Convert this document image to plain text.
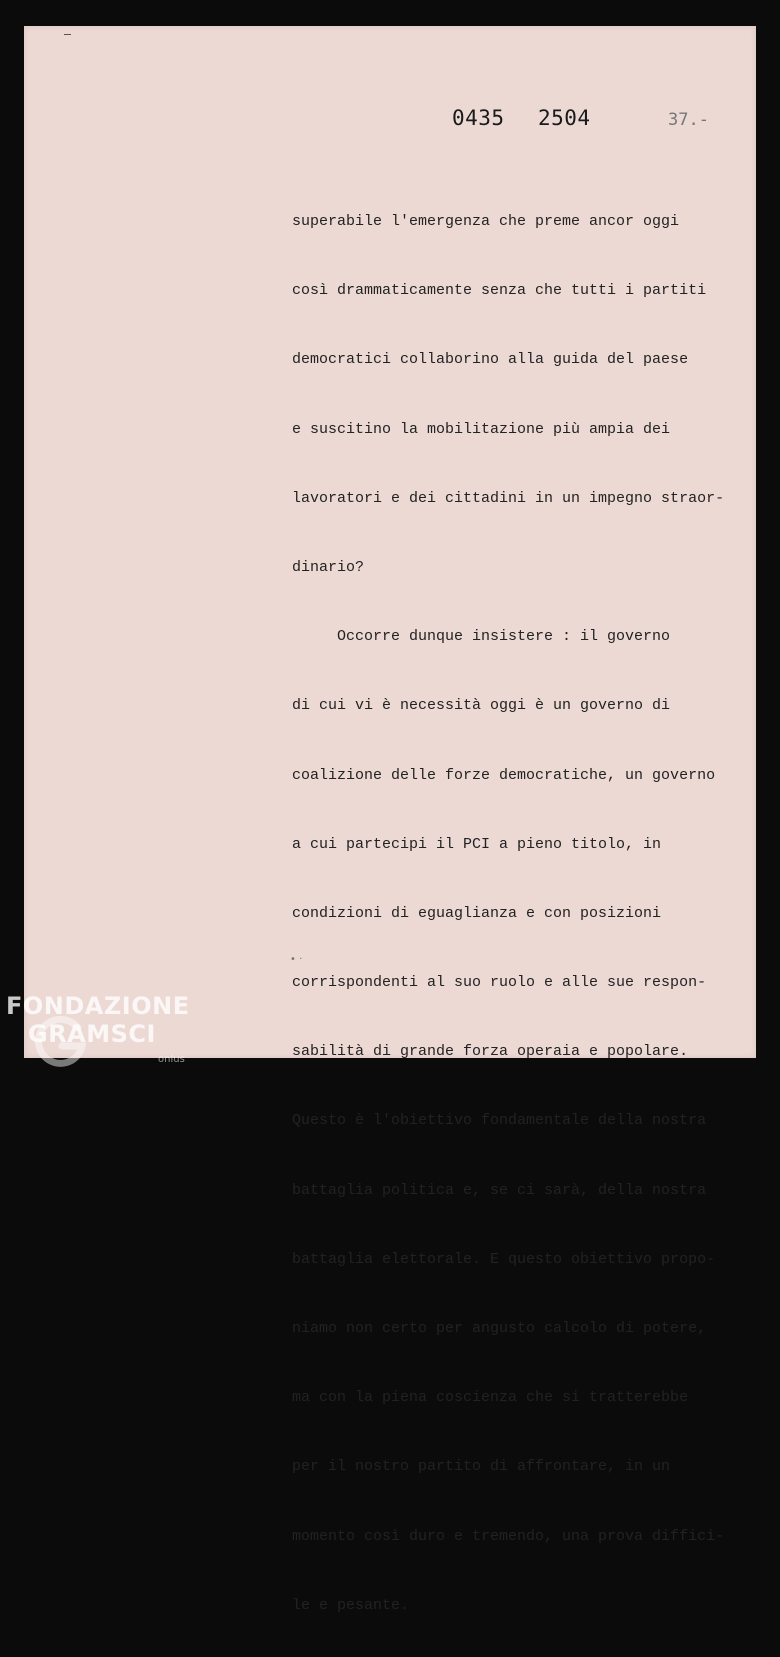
0435 2504	37.-

superabile l'emergenza che preme ancor oggi

così drammaticamente senza che tutti i partiti

democratici collaborino alla guida del paese

e suscitino la mobilitazione più ampia dei

lavoratori e dei cittadini in un impegno straor-

dinario?

Occorre dunque insistere : il governo

di cui vi è necessità oggi è un governo di

coalizione delle forze democratiche, un governo

a cui partecipi il PCI a pieno titolo, in

condizioni di eguaglianza e con posizioni

corrispondenti al suo ruolo e alle sue respon-

sabilità di grande forza operaia e popolare.

Questo è l'obiettivo fondamentale della nostra

battaglia politica e, se ci sarà, della nostra

battaglia elettorale. E questo obiettivo propo-

niamo non certo per angusto calcolo di potere,

ma con la piena coscienza che si tratterebbe

per il nostro partito di affrontare, in un

momento così duro e tremendo, una prova diffici-

le e pesante.

• ·
FONDAZIONE
GRAMSCI
onlus
